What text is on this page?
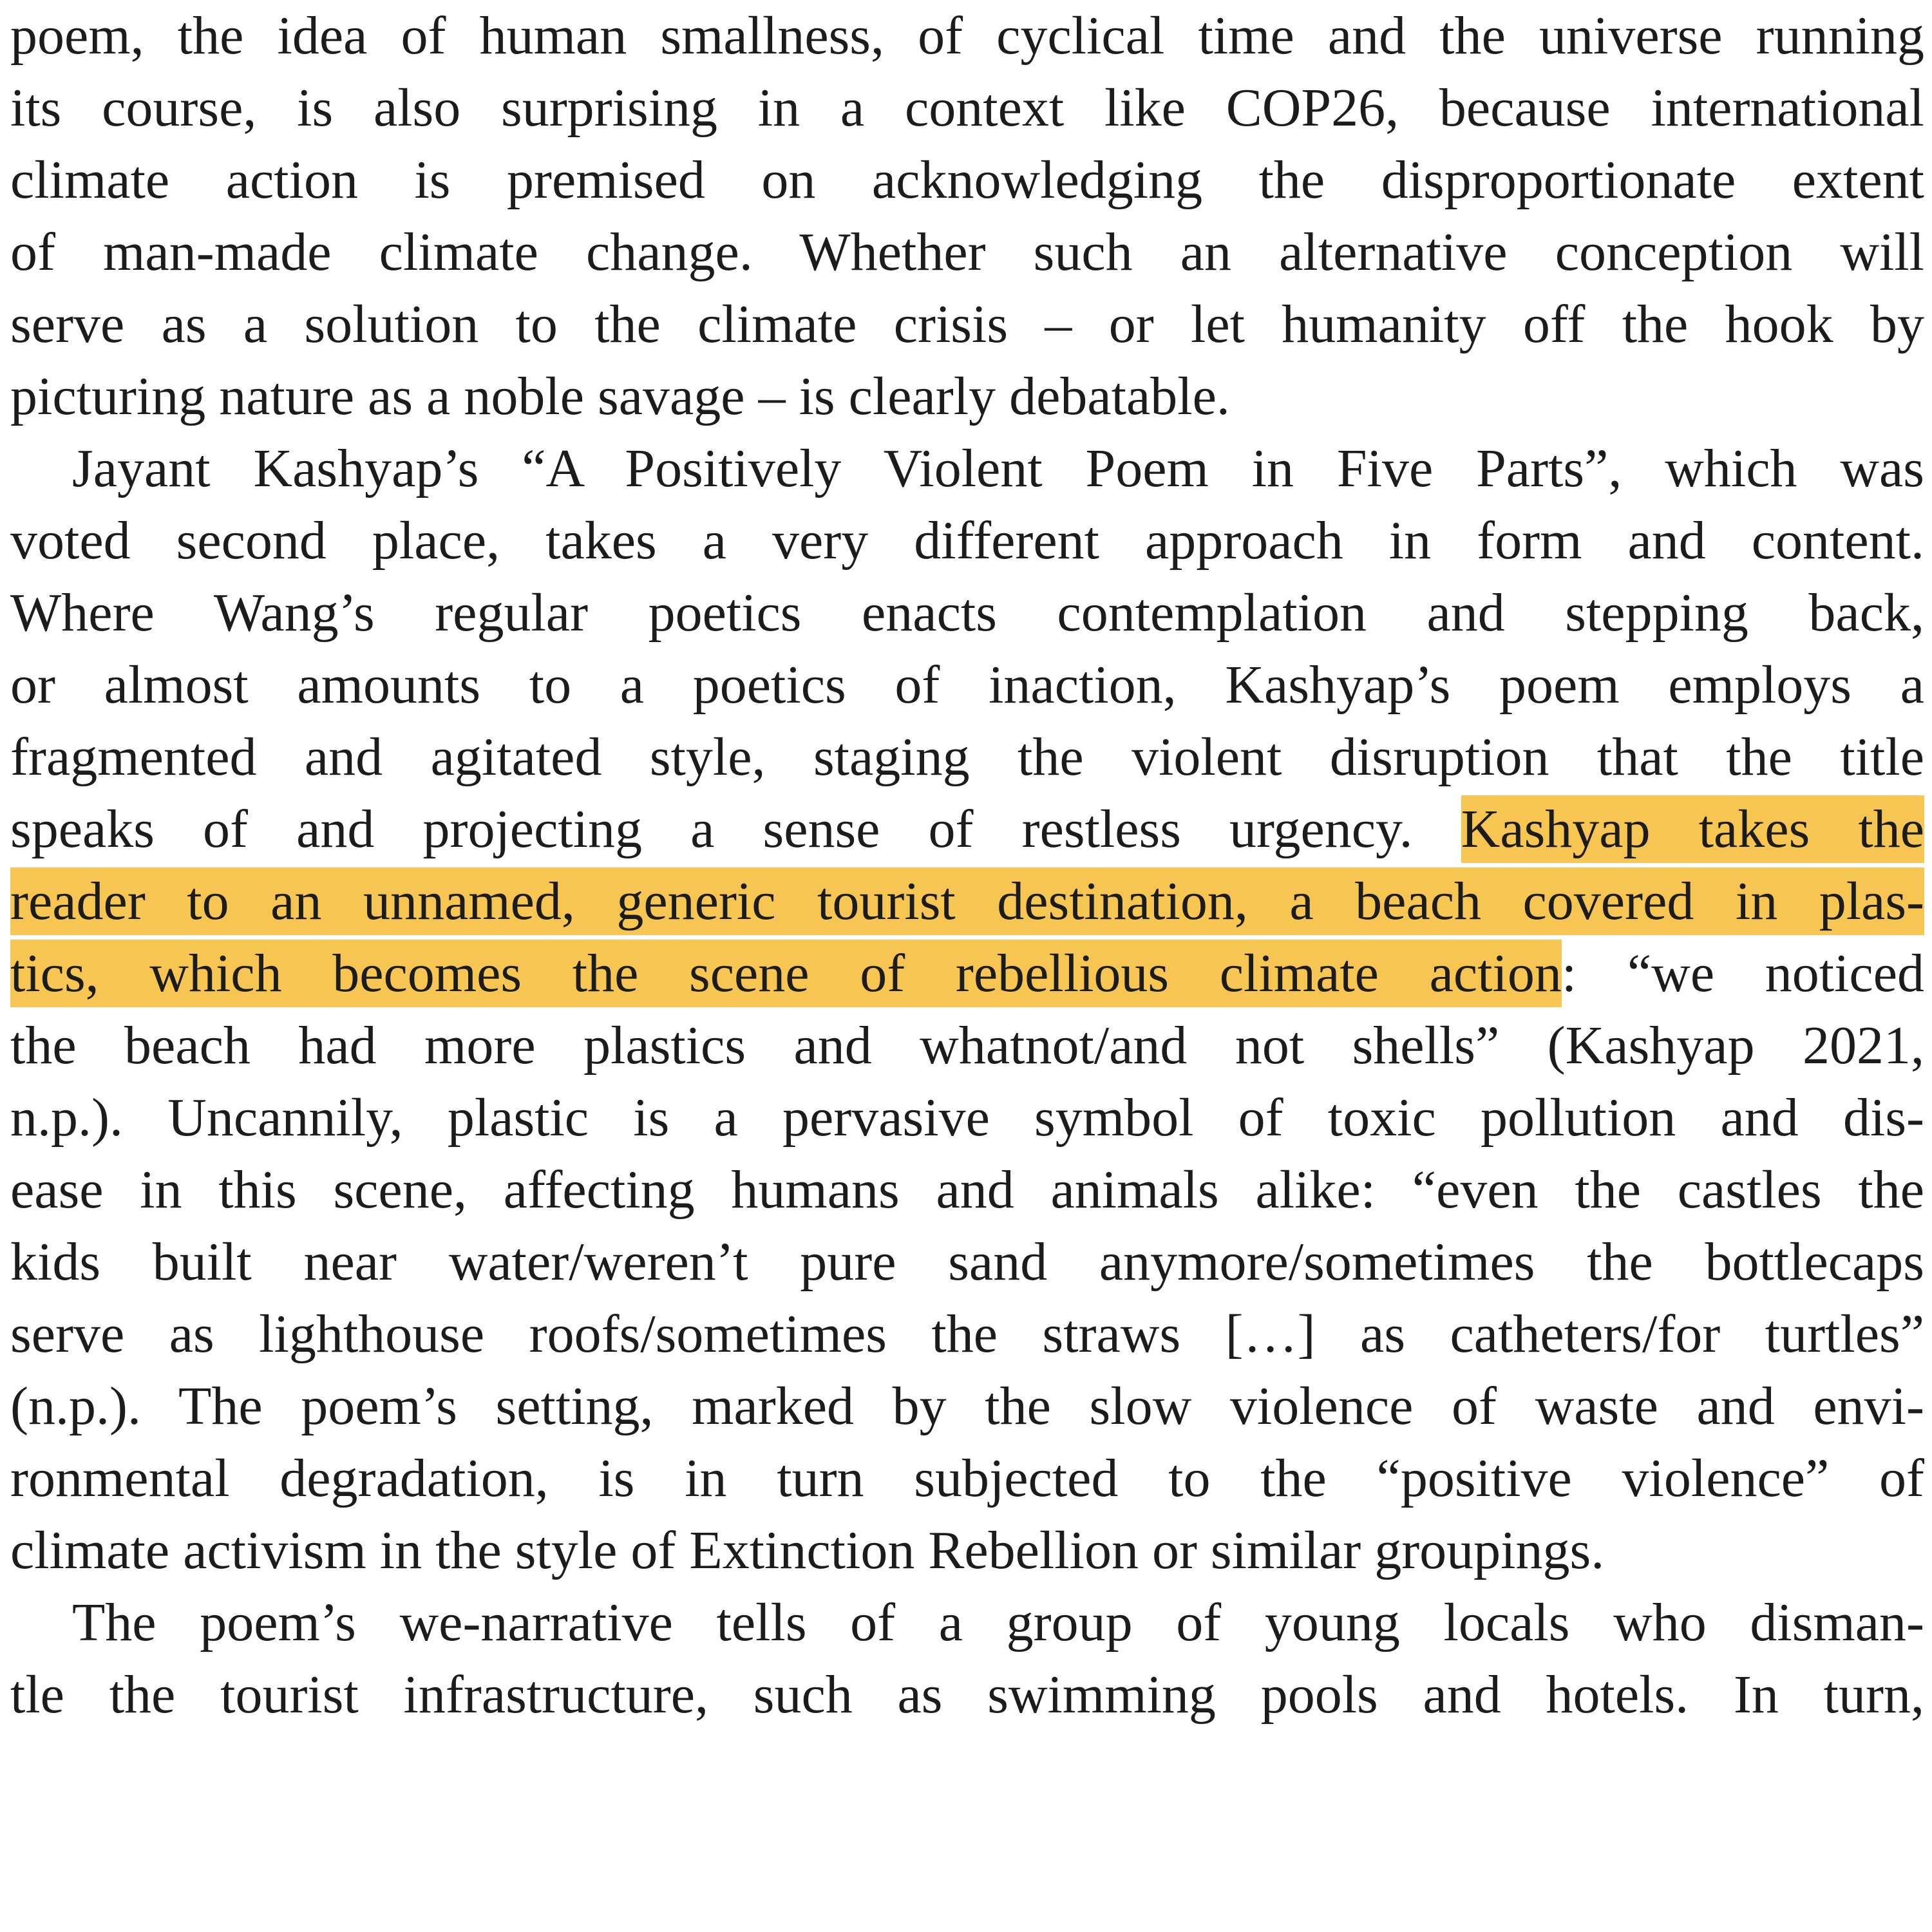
poem, the idea of human smallness, of cyclical time and the universe running
its course, is also surprising in a context like COP26, because international
climate action is premised on acknowledging the disproportionate extent
of man-made climate change. Whether such an alternative conception will
serve as a solution to the climate crisis – or let humanity off the hook by
picturing nature as a noble savage – is clearly debatable.
Jayant Kashyap’s “A Positively Violent Poem in Five Parts”, which was
voted second place, takes a very different approach in form and content.
Where Wang’s regular poetics enacts contemplation and stepping back,
or almost amounts to a poetics of inaction, Kashyap’s poem employs a
fragmented and agitated style, staging the violent disruption that the title
speaks of and projecting a sense of restless urgency. Kashyap takes the
reader to an unnamed, generic tourist destination, a beach covered in plas-
tics, which becomes the scene of rebellious climate action: “we noticed
the beach had more plastics and whatnot/and not shells” (Kashyap 2021,
n.p.). Uncannily, plastic is a pervasive symbol of toxic pollution and dis-
ease in this scene, affecting humans and animals alike: “even the castles the
kids built near water/weren’t pure sand anymore/sometimes the bottlecaps
serve as lighthouse roofs/sometimes the straws […] as catheters/for turtles”
(n.p.). The poem’s setting, marked by the slow violence of waste and envi-
ronmental degradation, is in turn subjected to the “positive violence” of
climate activism in the style of Extinction Rebellion or similar groupings.
The poem’s we-narrative tells of a group of young locals who disman-
tle the tourist infrastructure, such as swimming pools and hotels. In turn,
